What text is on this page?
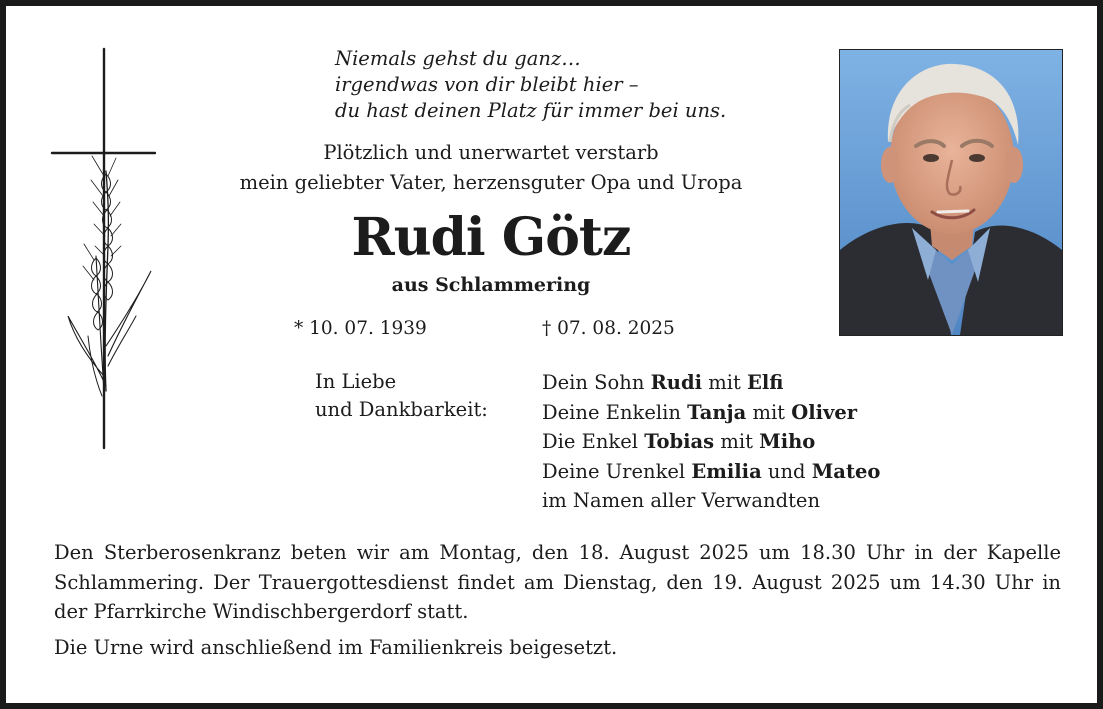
Niemals gehst du ganz…
irgendwas von dir bleibt hier –
du hast deinen Platz für immer bei uns.
Plötzlich und unerwartet verstarb
mein geliebter Vater, herzensguter Opa und Uropa
Rudi Götz
aus Schlammering
* 10. 07. 1939	† 07. 08. 2025
In Liebe
und Dankbarkeit:
Dein Sohn Rudi mit Elfi
Deine Enkelin Tanja mit Oliver
Die Enkel Tobias mit Miho
Deine Urenkel Emilia und Mateo
im Namen aller Verwandten

Den Sterberosenkranz beten wir am Montag, den 18. August 2025 um 18.30 Uhr in der Kapelle Schlammering. Der Trauergottesdienst findet am Dienstag, den 19. August 2025 um 14.30 Uhr in der Pfarrkirche Windischbergerdorf statt.

Die Urne wird anschließend im Familienkreis beigesetzt.
